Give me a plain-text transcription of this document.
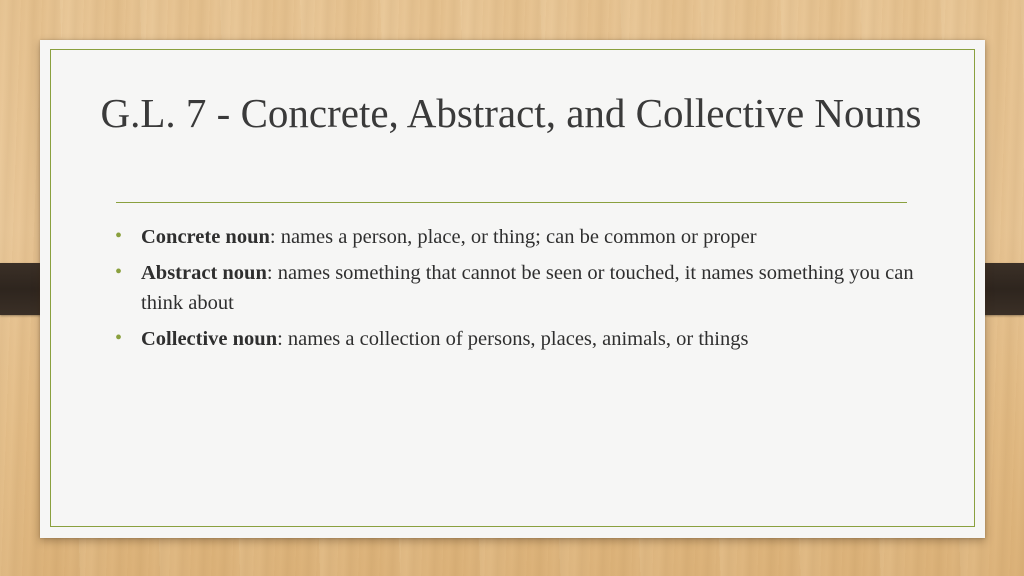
G.L. 7 - Concrete, Abstract, and Collective Nouns
• Concrete noun: names a person, place, or thing; can be common or proper
• Abstract noun: names something that cannot be seen or touched, it names something you can think about
• Collective noun: names a collection of persons, places, animals, or things
